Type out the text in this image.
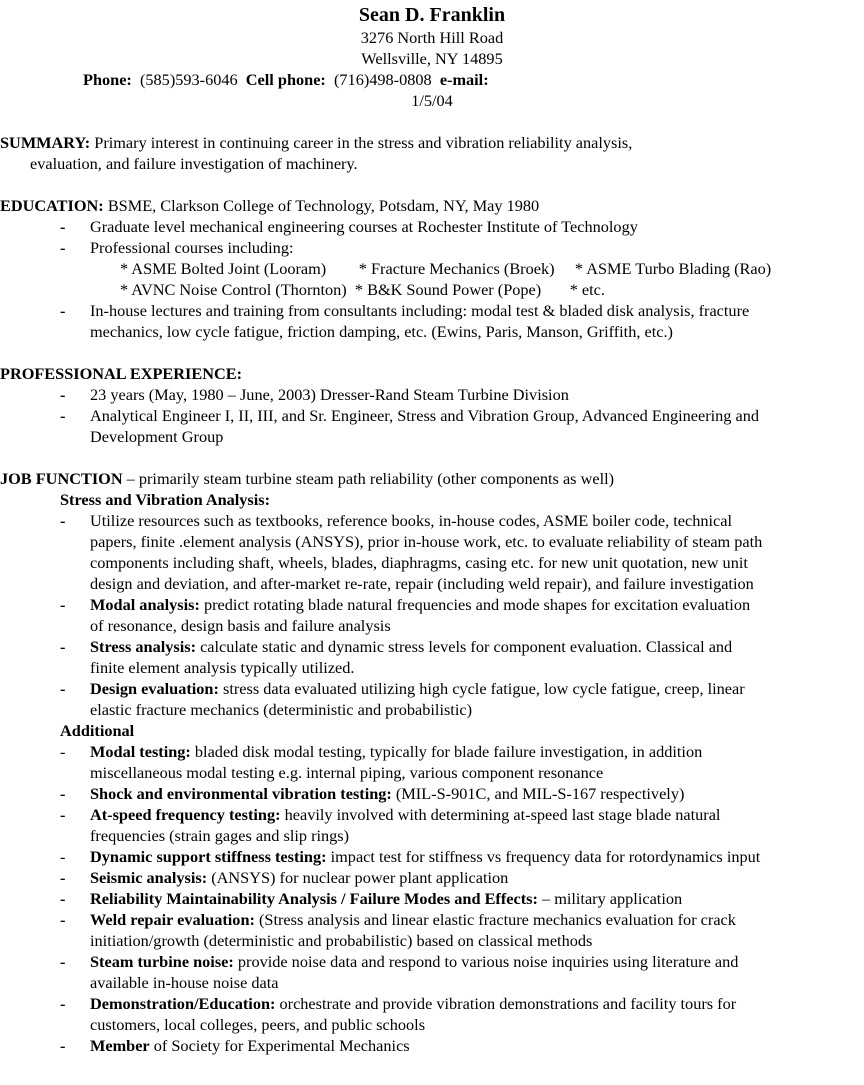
Sean D. Franklin
3276 North Hill Road
Wellsville, NY 14895
Phone: (585)593-6046 Cell phone: (716)498-0808 e-mail:
1/5/04
SUMMARY: Primary interest in continuing career in the stress and vibration reliability analysis,
evaluation, and failure investigation of machinery.
EDUCATION: BSME, Clarkson College of Technology, Potsdam, NY, May 1980
- Graduate level mechanical engineering courses at Rochester Institute of Technology
- Professional courses including:
* ASME Bolted Joint (Looram)        * Fracture Mechanics (Broek)     * ASME Turbo Blading (Rao)
* AVNC Noise Control (Thornton)  * B&K Sound Power (Pope)       * etc.
- In-house lectures and training from consultants including: modal test & bladed disk analysis, fracture
mechanics, low cycle fatigue, friction damping, etc. (Ewins, Paris, Manson, Griffith, etc.)
PROFESSIONAL EXPERIENCE:
- 23 years (May, 1980 – June, 2003) Dresser-Rand Steam Turbine Division
- Analytical Engineer I, II, III, and Sr. Engineer, Stress and Vibration Group, Advanced Engineering and
Development Group
JOB FUNCTION – primarily steam turbine steam path reliability (other components as well)
Stress and Vibration Analysis:
- Utilize resources such as textbooks, reference books, in-house codes, ASME boiler code, technical
papers, finite .element analysis (ANSYS), prior in-house work, etc. to evaluate reliability of steam path
components including shaft, wheels, blades, diaphragms, casing etc. for new unit quotation, new unit
design and deviation, and after-market re-rate, repair (including weld repair), and failure investigation
- Modal analysis: predict rotating blade natural frequencies and mode shapes for excitation evaluation
of resonance, design basis and failure analysis
- Stress analysis: calculate static and dynamic stress levels for component evaluation. Classical and
finite element analysis typically utilized.
- Design evaluation: stress data evaluated utilizing high cycle fatigue, low cycle fatigue, creep, linear
elastic fracture mechanics (deterministic and probabilistic)
Additional
- Modal testing: bladed disk modal testing, typically for blade failure investigation, in addition
miscellaneous modal testing e.g. internal piping, various component resonance
- Shock and environmental vibration testing: (MIL-S-901C, and MIL-S-167 respectively)
- At-speed frequency testing: heavily involved with determining at-speed last stage blade natural
frequencies (strain gages and slip rings)
- Dynamic support stiffness testing: impact test for stiffness vs frequency data for rotordynamics input
- Seismic analysis: (ANSYS) for nuclear power plant application
- Reliability Maintainability Analysis / Failure Modes and Effects: – military application
- Weld repair evaluation: (Stress analysis and linear elastic fracture mechanics evaluation for crack
initiation/growth (deterministic and probabilistic) based on classical methods
- Steam turbine noise: provide noise data and respond to various noise inquiries using literature and
available in-house noise data
- Demonstration/Education: orchestrate and provide vibration demonstrations and facility tours for
customers, local colleges, peers, and public schools
- Member of Society for Experimental Mechanics
